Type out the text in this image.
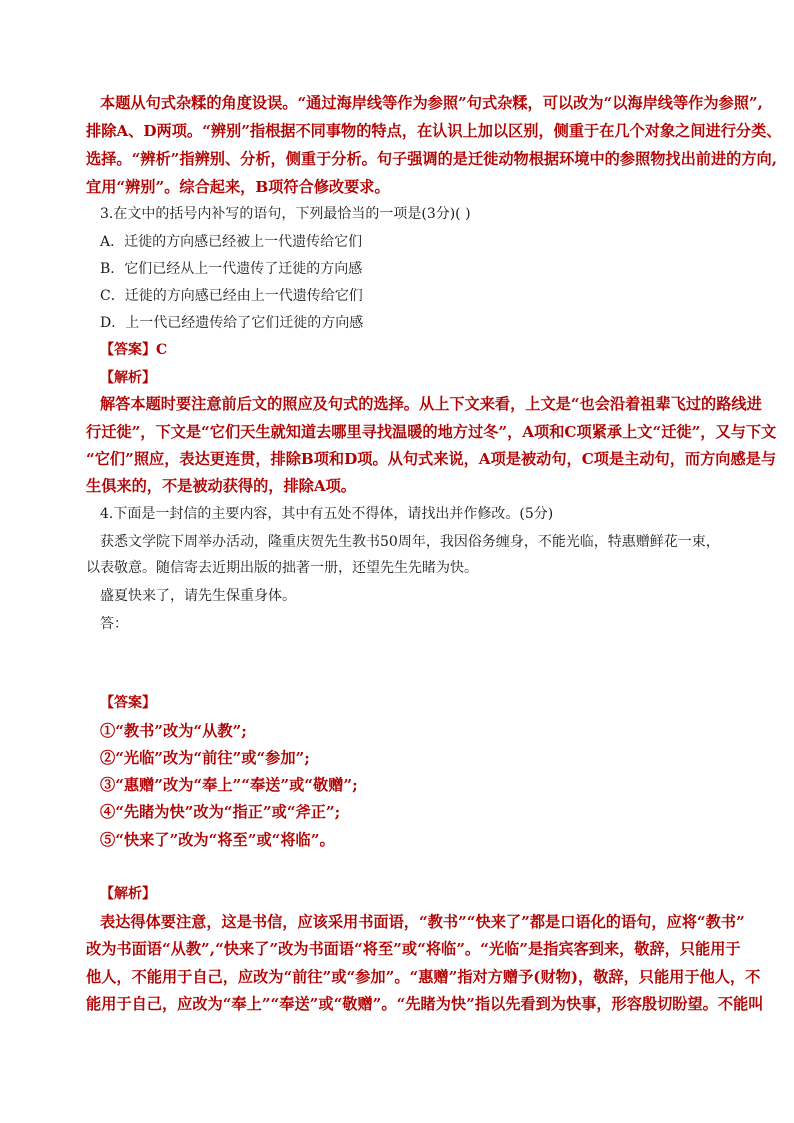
本题从句式杂糅的角度设误。“通过海岸线等作为参照”句式杂糅，可以改为“以海岸线等作为参照”,
排除A、D两项。“辨别”指根据不同事物的特点，在认识上加以区别，侧重于在几个对象之间进行分类、
选择。“辨析”指辨别、分析，侧重于分析。句子强调的是迁徙动物根据环境中的参照物找出前进的方向,
宜用“辨别”。综合起来，B项符合修改要求。
3.在文中的括号内补写的语句，下列最恰当的一项是(3分)( )
A．迁徙的方向感已经被上一代遗传给它们
B．它们已经从上一代遗传了迁徙的方向感
C．迁徙的方向感已经由上一代遗传给它们
D．上一代已经遗传给了它们迁徙的方向感
【答案】C
【解析】
解答本题时要注意前后文的照应及句式的选择。从上下文来看，上文是“也会沿着祖辈飞过的路线进
行迁徙”，下文是“它们天生就知道去哪里寻找温暖的地方过冬”，A项和C项紧承上文“迁徙”，又与下文
“它们”照应，表达更连贯，排除B项和D项。从句式来说，A项是被动句，C项是主动句，而方向感是与
生俱来的，不是被动获得的，排除A项。
4.下面是一封信的主要内容，其中有五处不得体，请找出并作修改。(5分)
获悉文学院下周举办活动，隆重庆贺先生教书50周年，我因俗务缠身，不能光临，特惠赠鲜花一束，
以表敬意。随信寄去近期出版的拙著一册，还望先生先睹为快。
盛夏快来了，请先生保重身体。
答：
【答案】
①“教书”改为“从教”;
②“光临”改为“前往”或“参加”;
③“惠赠”改为“奉上”“奉送”或“敬赠”;
④“先睹为快”改为“指正”或“斧正”;
⑤“快来了”改为“将至”或“将临”。
【解析】
表达得体要注意，这是书信，应该采用书面语，“教书”“快来了”都是口语化的语句，应将“教书”
改为书面语“从教”,“快来了”改为书面语“将至”或“将临”。“光临”是指宾客到来，敬辞，只能用于
他人，不能用于自己，应改为“前往”或“参加”。“惠赠”指对方赠予(财物)，敬辞，只能用于他人，不
能用于自己，应改为“奉上”“奉送”或“敬赠”。“先睹为快”指以先看到为快事，形容殷切盼望。不能叫
